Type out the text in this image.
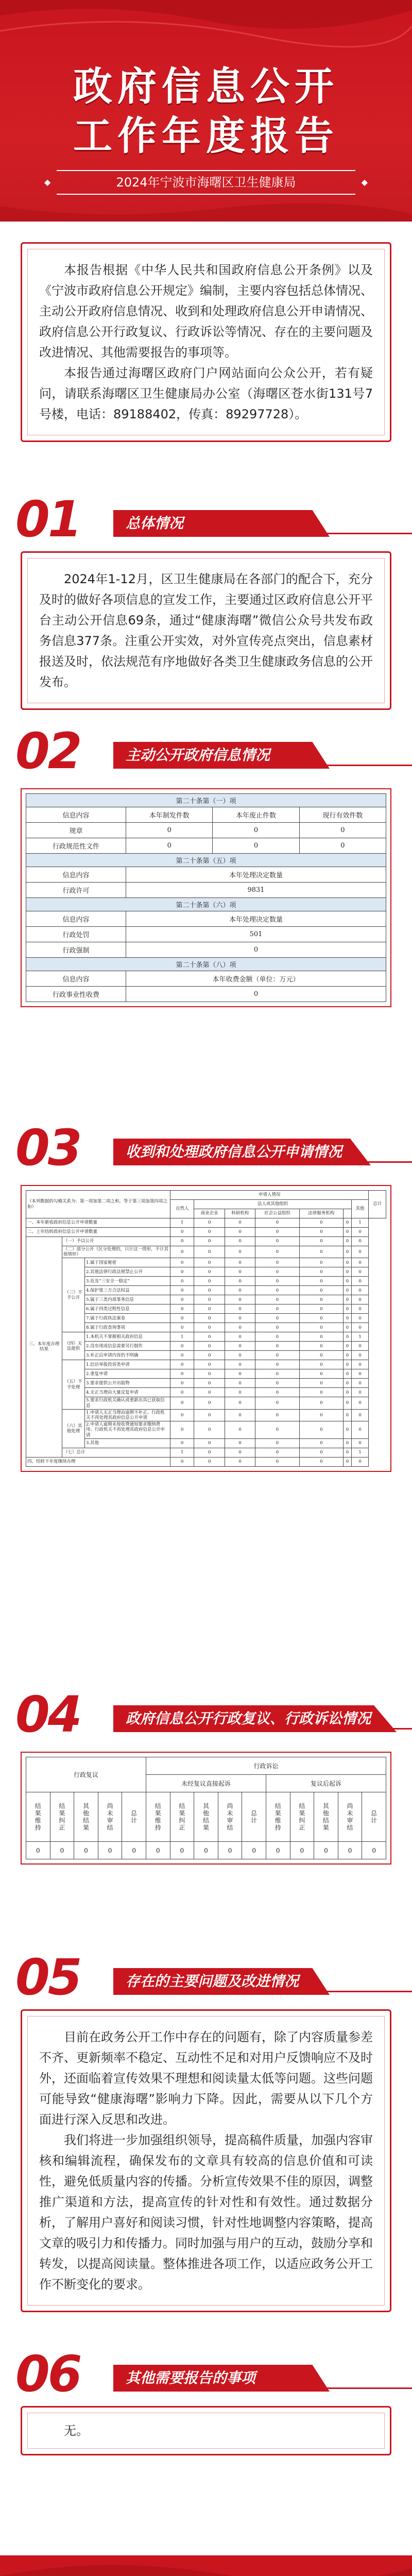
政府信息公开
工作年度报告
◆ 2024年宁波市海曙区卫生健康局 ◆

本报告根据《中华人民共和国政府信息公开条例》以及《宁波市政府信息公开规定》编制，主要内容包括总体情况、主动公开政府信息情况、收到和处理政府信息公开申请情况、政府信息公开行政复议、行政诉讼等情况、存在的主要问题及改进情况、其他需要报告的事项等。

本报告通过海曙区政府门户网站面向公众公开，若有疑问，请联系海曙区卫生健康局办公室（海曙区苍水街131号7号楼，电话：89188402，传真：89297728）。

01	总体情况

2024年1-12月，区卫生健康局在各部门的配合下，充分及时的做好各项信息的宣发工作，主要通过区政府信息公开平台主动公开信息69条，通过“健康海曙”微信公众号共发布政务信息377条。注重公开实效，对外宣传亮点突出，信息素材报送及时，依法规范有序地做好各类卫生健康政务信息的公开发布。

02	主动公开政府信息情况
第二十条第（一）项			
信息内容	本年制发件数	本年废止件数	现行有效件数
规章	0	0	0
行政规范性文件	0	0	0
第二十条第（五）项			
信息内容	本年处理决定数量		
行政许可	9831		
第二十条第（六）项			
信息内容	本年处理决定数量		
行政处罚	501		
行政强制	0		
第二十条第（八）项			
信息内容	本年收费金额（单位：万元）		
行政事业性收费	0		
03	收到和处理政府信息公开申请情况
（本列数据的勾稽关系为：第一项加第二项之和，等于第三项加第四项之和）			申请人情况							总计
			自然人	法人或其他组织					其他	
				商业企业	科研机构	社会公益组织	法律服务机构			
一、本年新收政府信息公开申请数量			1	0	0	0	0	0	1	
二、上年结转政府信息公开申请数量			0	0	0	0	0	0	0	
三、本年度办理结果	（一）予以公开		0	0	0	0	0	0	0	
	（二）部分公开（区分处理的，只计这一情形，不计其他情形）		0	0	0	0	0	0	0	
	（三）不予公开	1.属于国家秘密	0	0	0	0	0	0	0	
		2.其他法律行政法规禁止公开	0	0	0	0	0	0	0	
		3.危及“三安全一稳定”	0	0	0	0	0	0	0	
		4.保护第三方合法权益	0	0	0	0	0	0	0	
		5.属于三类内部事务信息	0	0	0	0	0	0	0	
		6.属于四类过程性信息	0	0	0	0	0	0	0	
		7.属于行政执法案卷	0	0	0	0	0	0	0	
		8.属于行政查询事项	0	0	0	0	0	0	0	
	（四）无法提供	1.本机关不掌握相关政府信息	1	0	0	0	0	0	1	
		2.没有现成信息需要另行制作	0	0	0	0	0	0	0	
		3.补正后申请内容仍不明确	0	0	0	0	0	0	0	
	（五）不予处理	1.信访举报投诉类申请	0	0	0	0	0	0	0	
		2.重复申请	0	0	0	0	0	0	0	
		3.要求提供公开出版物	0	0	0	0	0	0	0	
		4.无正当理由大量反复申请	0	0	0	0	0	0	0	
		5.要求行政机关确认或重新出具已获取信息	0	0	0	0	0	0	0	
	（六）其他处理	1.申请人无正当理由逾期不补正、行政机关不再处理其政府信息公开申请	0	0	0	0	0	0	0	
		2.申请人逾期未按收费通知要求缴纳费用、行政机关不再处理其政府信息公开申请	0	0	0	0	0	0	0	
		3.其他	0	0	0	0	0	0	0	
	（七）总计		1	0	0	0	0	0	1	
四、结转下年度继续办理			0	0	0	0	0	0	0	
04	政府信息公开行政复议、行政诉讼情况
行政复议					行政诉讼									
					未经复议直接起诉					复议后起诉				
结果维持	结果纠正	其他结果	尚未审结	总计	结果维持	结果纠正	其他结果	尚未审结	总计	结果维持	结果纠正	其他结果	尚未审结	总计
0	0	0	0	0	0	0	0	0	0	0	0	0	0	0
05	存在的主要问题及改进情况

目前在政务公开工作中存在的问题有，除了内容质量参差不齐、更新频率不稳定、互动性不足和对用户反馈响应不及时外，还面临着宣传效果不理想和阅读量太低等问题。这些问题可能导致“健康海曙”影响力下降。因此，需要从以下几个方面进行深入反思和改进。

我们将进一步加强组织领导，提高稿件质量，加强内容审核和编辑流程，确保发布的文章具有较高的信息价值和可读性，避免低质量内容的传播。分析宣传效果不佳的原因，调整推广渠道和方法，提高宣传的针对性和有效性。通过数据分析，了解用户喜好和阅读习惯，针对性地调整内容策略，提高文章的吸引力和传播力。同时加强与用户的互动，鼓励分享和转发，以提高阅读量。整体推进各项工作，以适应政务公开工作不断变化的要求。

06	其他需要报告的事项

无。
